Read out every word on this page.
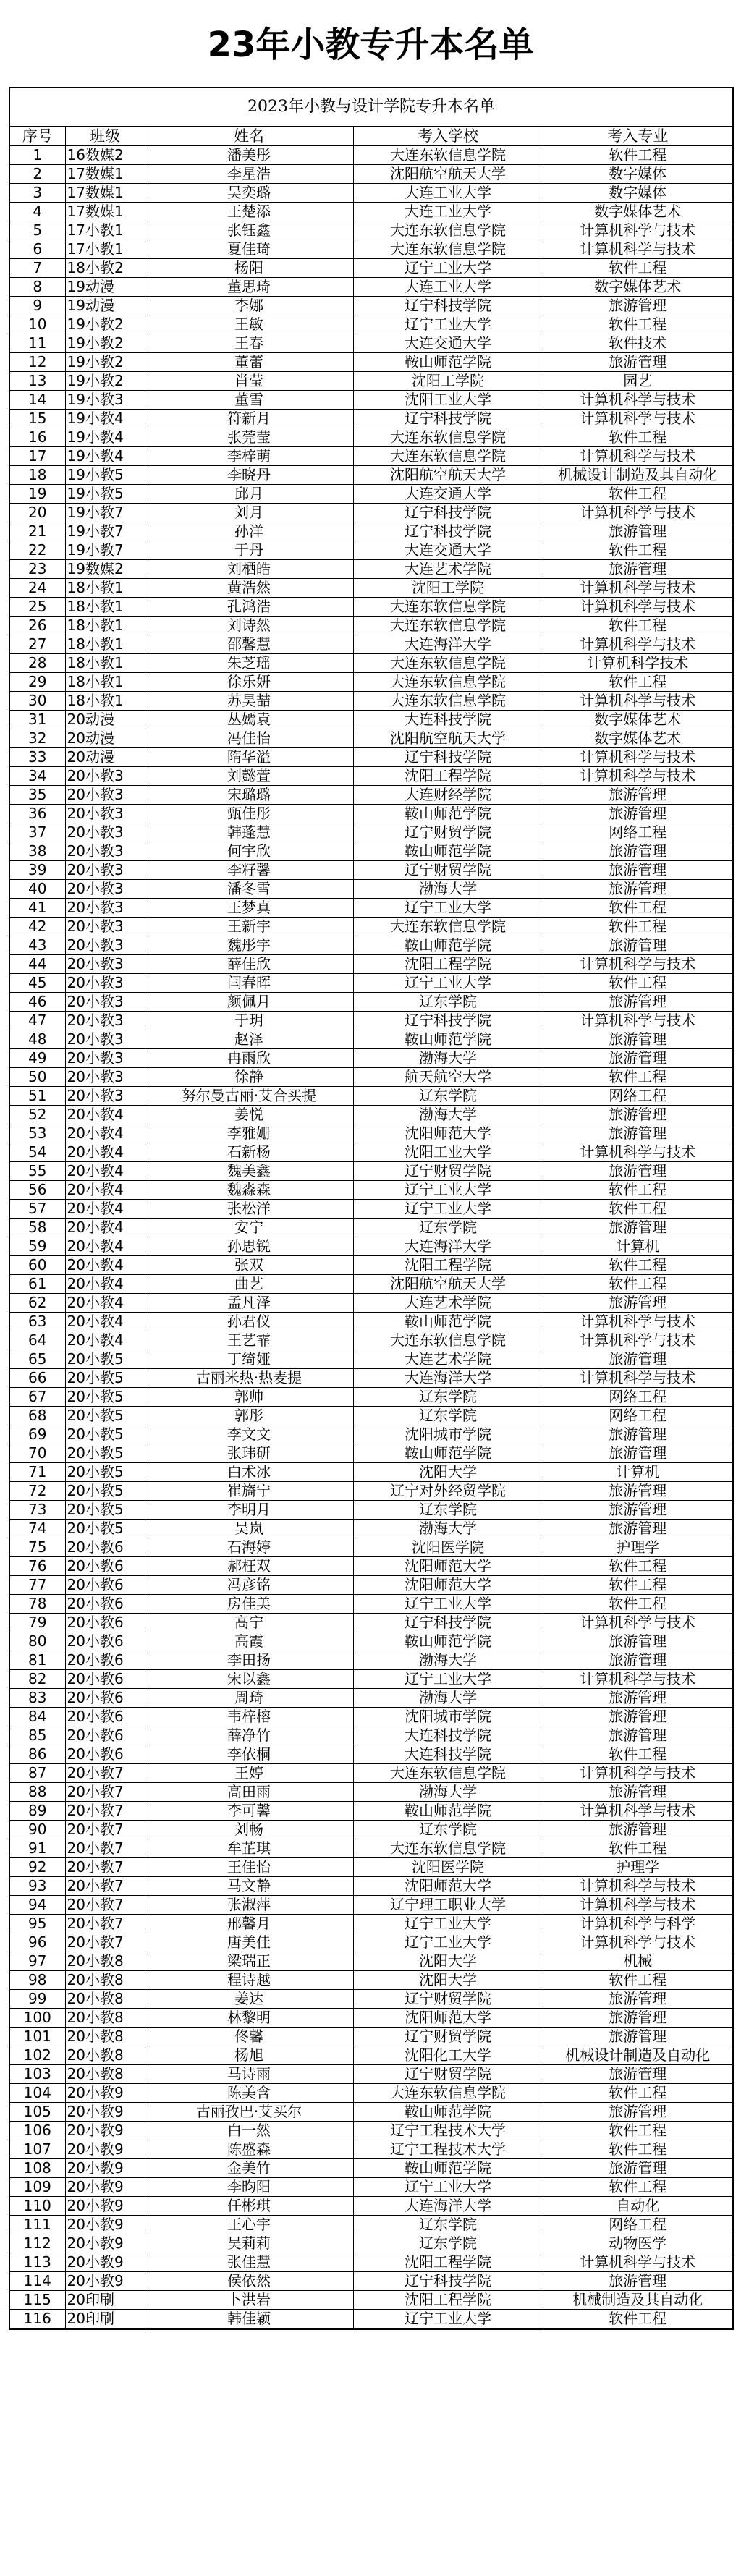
23年小教专升本名单
2023年小教与设计学院专升本名单
序号	班级	姓名	考入学校	考入专业
1	16数媒2	潘美彤	大连东软信息学院	软件工程
2	17数媒1	李星浩	沈阳航空航天大学	数字媒体
3	17数媒1	吴奕璐	大连工业大学	数字媒体
4	17数媒1	王楚添	大连工业大学	数字媒体艺术
5	17小教1	张钰鑫	大连东软信息学院	计算机科学与技术
6	17小教1	夏佳琦	大连东软信息学院	计算机科学与技术
7	18小教2	杨阳	辽宁工业大学	软件工程
8	19动漫	董思琦	大连工业大学	数字媒体艺术
9	19动漫	李娜	辽宁科技学院	旅游管理
10	19小教2	王敏	辽宁工业大学	软件工程
11	19小教2	王春	大连交通大学	软件技术
12	19小教2	董蕾	鞍山师范学院	旅游管理
13	19小教2	肖莹	沈阳工学院	园艺
14	19小教3	董雪	沈阳工业大学	计算机科学与技术
15	19小教4	符新月	辽宁科技学院	计算机科学与技术
16	19小教4	张莞莹	大连东软信息学院	软件工程
17	19小教4	李梓萌	大连东软信息学院	计算机科学与技术
18	19小教5	李晓丹	沈阳航空航天大学	机械设计制造及其自动化
19	19小教5	邱月	大连交通大学	软件工程
20	19小教7	刘月	辽宁科技学院	计算机科学与技术
21	19小教7	孙洋	辽宁科技学院	旅游管理
22	19小教7	于丹	大连交通大学	软件工程
23	19数媒2	刘栖皓	大连艺术学院	旅游管理
24	18小教1	黄浩然	沈阳工学院	计算机科学与技术
25	18小教1	孔鸿浩	大连东软信息学院	计算机科学与技术
26	18小教1	刘诗然	大连东软信息学院	软件工程
27	18小教1	邵馨慧	大连海洋大学	计算机科学与技术
28	18小教1	朱芝瑶	大连东软信息学院	计算机科学技术
29	18小教1	徐乐妍	大连东软信息学院	软件工程
30	18小教1	苏昊喆	大连东软信息学院	计算机科学与技术
31	20动漫	丛嫣袁	大连科技学院	数字媒体艺术
32	20动漫	冯佳怡	沈阳航空航天大学	数字媒体艺术
33	20动漫	隋华溢	辽宁科技学院	计算机科学与技术
34	20小教3	刘懿萱	沈阳工程学院	计算机科学与技术
35	20小教3	宋璐璐	大连财经学院	旅游管理
36	20小教3	甄佳彤	鞍山师范学院	旅游管理
37	20小教3	韩蓬慧	辽宁财贸学院	网络工程
38	20小教3	何宇欣	鞍山师范学院	旅游管理
39	20小教3	李籽馨	辽宁财贸学院	旅游管理
40	20小教3	潘冬雪	渤海大学	旅游管理
41	20小教3	王梦真	辽宁工业大学	软件工程
42	20小教3	王新宇	大连东软信息学院	软件工程
43	20小教3	魏彤宇	鞍山师范学院	旅游管理
44	20小教3	薛佳欣	沈阳工程学院	计算机科学与技术
45	20小教3	闫春晖	辽宁工业大学	软件工程
46	20小教3	颜佩月	辽东学院	旅游管理
47	20小教3	于玥	辽宁科技学院	计算机科学与技术
48	20小教3	赵泽	鞍山师范学院	旅游管理
49	20小教3	冉雨欣	渤海大学	旅游管理
50	20小教3	徐静	航天航空大学	软件工程
51	20小教3	努尔曼古丽·艾合买提	辽东学院	网络工程
52	20小教4	姜悦	渤海大学	旅游管理
53	20小教4	李雅姗	沈阳师范大学	旅游管理
54	20小教4	石新杨	沈阳工业大学	计算机科学与技术
55	20小教4	魏美鑫	辽宁财贸学院	旅游管理
56	20小教4	魏淼森	辽宁工业大学	软件工程
57	20小教4	张松洋	辽宁工业大学	软件工程
58	20小教4	安宁	辽东学院	旅游管理
59	20小教4	孙思锐	大连海洋大学	计算机
60	20小教4	张双	沈阳工程学院	软件工程
61	20小教4	曲艺	沈阳航空航天大学	软件工程
62	20小教4	孟凡泽	大连艺术学院	旅游管理
63	20小教4	孙君仪	鞍山师范学院	计算机科学与技术
64	20小教4	王艺霏	大连东软信息学院	计算机科学与技术
65	20小教5	丁绮娅	大连艺术学院	旅游管理
66	20小教5	古丽米热·热麦提	大连海洋大学	计算机科学与技术
67	20小教5	郭帅	辽东学院	网络工程
68	20小教5	郭彤	辽东学院	网络工程
69	20小教5	李文文	沈阳城市学院	旅游管理
70	20小教5	张玮研	鞍山师范学院	旅游管理
71	20小教5	白术冰	沈阳大学	计算机
72	20小教5	崔旖宁	辽宁对外经贸学院	旅游管理
73	20小教5	李明月	辽东学院	旅游管理
74	20小教5	吴岚	渤海大学	旅游管理
75	20小教6	石海婷	沈阳医学院	护理学
76	20小教6	郝枉双	沈阳师范大学	软件工程
77	20小教6	冯彦铭	沈阳师范大学	软件工程
78	20小教6	房佳美	辽宁工业大学	软件工程
79	20小教6	高宁	辽宁科技学院	计算机科学与技术
80	20小教6	高霞	鞍山师范学院	旅游管理
81	20小教6	李田扬	渤海大学	旅游管理
82	20小教6	宋以鑫	辽宁工业大学	计算机科学与技术
83	20小教6	周琦	渤海大学	旅游管理
84	20小教6	韦梓榕	沈阳城市学院	旅游管理
85	20小教6	薛净竹	大连科技学院	旅游管理
86	20小教6	李依桐	大连科技学院	软件工程
87	20小教7	王婷	大连东软信息学院	计算机科学与技术
88	20小教7	高田雨	渤海大学	旅游管理
89	20小教7	李可馨	鞍山师范学院	计算机科学与技术
90	20小教7	刘畅	辽东学院	旅游管理
91	20小教7	牟芷琪	大连东软信息学院	软件工程
92	20小教7	王佳怡	沈阳医学院	护理学
93	20小教7	马文静	沈阳师范大学	计算机科学与技术
94	20小教7	张淑萍	辽宁理工职业大学	计算机科学与技术
95	20小教7	邢馨月	辽宁工业大学	计算机科学与科学
96	20小教7	唐美佳	辽宁工业大学	计算机科学与技术
97	20小教8	梁瑞正	沈阳大学	机械
98	20小教8	程诗越	沈阳大学	软件工程
99	20小教8	姜达	辽宁财贸学院	旅游管理
100	20小教8	林黎明	沈阳师范大学	旅游管理
101	20小教8	佟馨	辽宁财贸学院	旅游管理
102	20小教8	杨旭	沈阳化工大学	机械设计制造及自动化
103	20小教8	马诗雨	辽宁财贸学院	旅游管理
104	20小教9	陈美含	大连东软信息学院	软件工程
105	20小教9	古丽孜巴·艾买尔	鞍山师范学院	旅游管理
106	20小教9	白一然	辽宁工程技术大学	软件工程
107	20小教9	陈盛森	辽宁工程技术大学	软件工程
108	20小教9	金美竹	鞍山师范学院	旅游管理
109	20小教9	李昀阳	辽宁工业大学	软件工程
110	20小教9	任彬琪	大连海洋大学	自动化
111	20小教9	王心宇	辽东学院	网络工程
112	20小教9	吴莉莉	辽东学院	动物医学
113	20小教9	张佳慧	沈阳工程学院	计算机科学与技术
114	20小教9	侯依然	辽宁科技学院	旅游管理
115	20印刷	卜洪岩	沈阳工程学院	机械制造及其自动化
116	20印刷	韩佳颖	辽宁工业大学	软件工程
